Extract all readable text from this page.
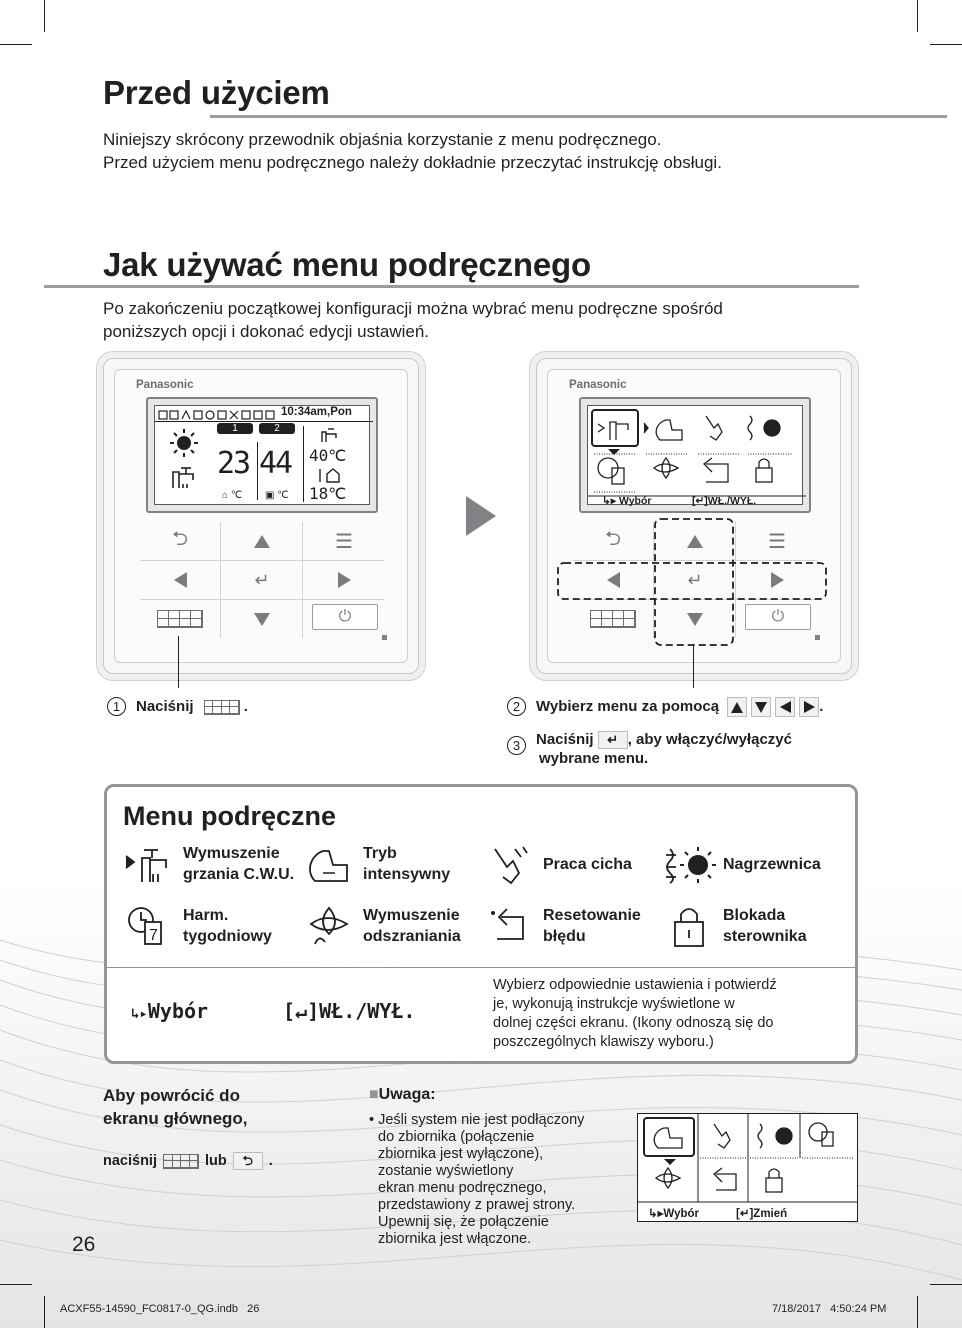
Przed użyciem
Niniejszy skrócony przewodnik objaśnia korzystanie z menu podręcznego.
Przed użyciem menu podręcznego należy dokładnie przeczytać instrukcję obsługi.
Jak używać menu podręcznego
Po zakończeniu początkowej konfiguracji można wybrać menu podręczne spośród
poniższych opcji i dokonać edycji ustawień.
Panasonic
10:34am,Pon
1	2
23 44
⌂ ℃ ▣ ℃
40℃
18℃
⮌	☰
↵
⏻
Panasonic
↳▸ Wybór	[↵]WŁ./WYŁ.
⮌	☰
↵
⏻
1 Naciśnij	.	2 Wybierz menu za pomocą	.
3 Naciśnij ↵ , aby włączyć/wyłączyć
wybrane menu.
Menu podręczne
Wymuszenie
grzania C.W.U.
Tryb
intensywny
Praca cicha	Nagrzewnica
7
Harm.
tygodniowy
Wymuszenie
odszraniania
Resetowanie
błędu
Blokada
sterownika
↳▸Wybór	[↵]WŁ./WYŁ.
Wybierz odpowiednie ustawienia i potwierdź
je, wykonują instrukcje wyświetlone w
dolnej części ekranu. (Ikony odnoszą się do
poszczególnych klawiszy wyboru.)
Aby powrócić do
ekranu głównego,
naciśnij	lub	⮌	.
■Uwaga:
• Jeśli system nie jest podłączony
do zbiornika (połączenie
zbiornika jest wyłączone),
zostanie wyświetlony
ekran menu podręcznego,
przedstawiony z prawej strony.
Upewnij się, że połączenie
zbiornika jest włączone.
↳▸Wybór	[↵]Zmień
26
ACXF55-14590_FC0817-0_QG.indb   26	7/18/2017   4:50:24 PM
